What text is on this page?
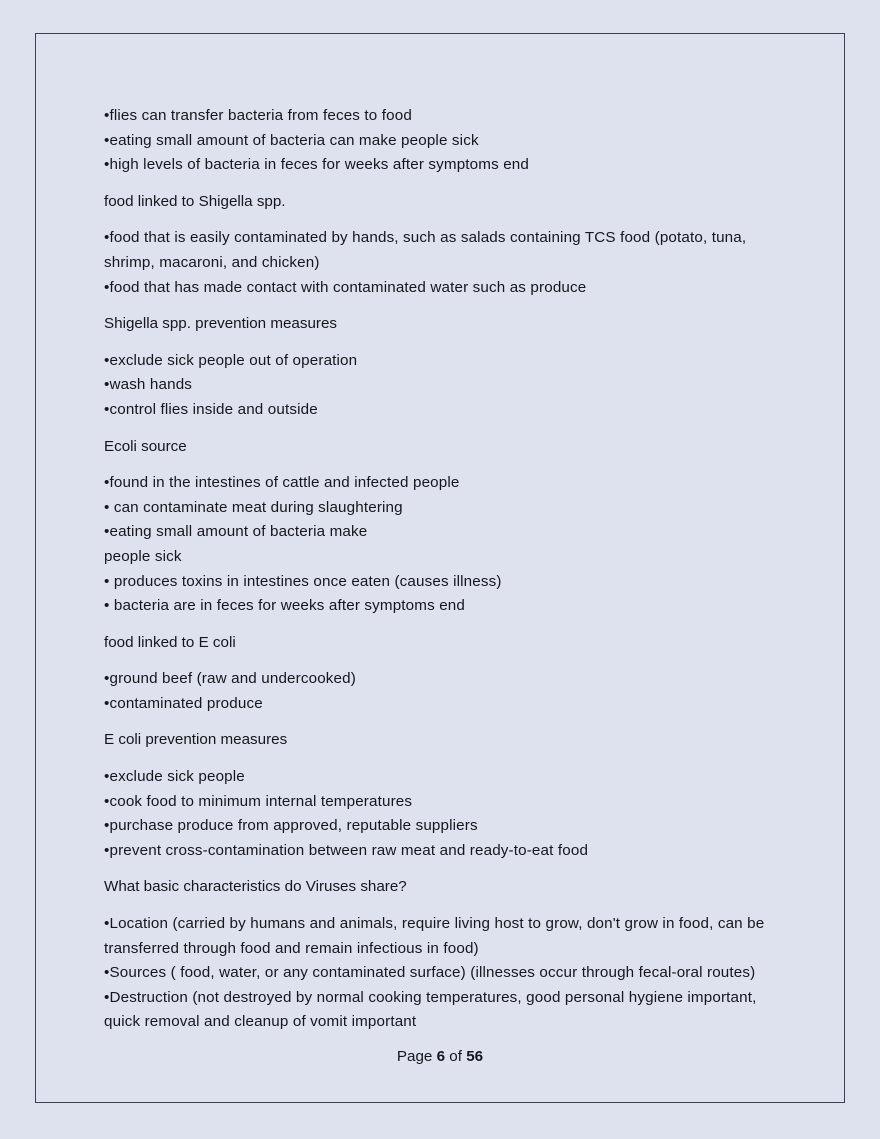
•flies can transfer bacteria from feces to food
•eating small amount of bacteria can make people sick
•high levels of bacteria in feces for weeks after symptoms end
food linked to Shigella spp.
•food that is easily contaminated by hands, such as salads containing TCS food (potato, tuna, shrimp, macaroni, and chicken)
•food that has made contact with contaminated water such as produce
Shigella spp. prevention measures
•exclude sick people out of operation
•wash hands
•control flies inside and outside
Ecoli source
•found in the intestines of cattle and infected people
• can contaminate meat during slaughtering
•eating small amount of bacteria make
people sick
• produces toxins in intestines once eaten (causes illness)
• bacteria are in feces for weeks after symptoms end
food linked to E coli
•ground beef (raw and undercooked)
•contaminated produce
E coli prevention measures
•exclude sick people
•cook food to minimum internal temperatures
•purchase produce from approved, reputable suppliers
•prevent cross-contamination between raw meat and ready-to-eat food
What basic characteristics do Viruses share?
•Location (carried by humans and animals, require living host to grow, don't grow in food, can be transferred through food and remain infectious in food)
•Sources ( food, water, or any contaminated surface) (illnesses occur through fecal-oral routes)
•Destruction (not destroyed by normal cooking temperatures, good personal hygiene important, quick removal and cleanup of vomit important
Page 6 of 56
